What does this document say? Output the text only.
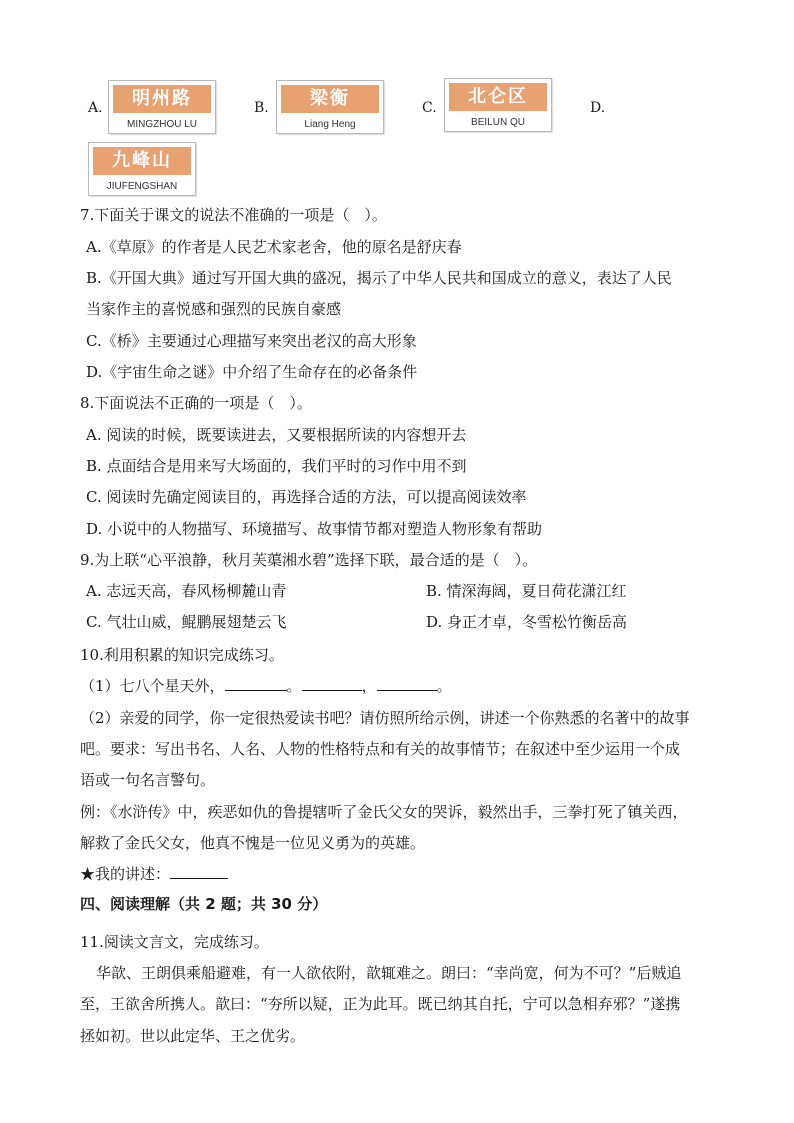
A.	明州路
MINGZHOU LU
B.	梁衡
Liang Heng
C.
北仑区
BEILUN QU
D.
九峰山
JIUFENGSHAN
7.下面关于课文的说法不准确的一项是（　）。
A.《草原》的作者是人民艺术家老舍，他的原名是舒庆春
B.《开国大典》通过写开国大典的盛况，揭示了中华人民共和国成立的意义，表达了人民
当家作主的喜悦感和强烈的民族自豪感
C.《桥》主要通过心理描写来突出老汉的高大形象
D.《宇宙生命之谜》中介绍了生命存在的必备条件
8.下面说法不正确的一项是（　）。
A. 阅读的时候，既要读进去，又要根据所读的内容想开去
B. 点面结合是用来写大场面的，我们平时的习作中用不到
C. 阅读时先确定阅读目的，再选择合适的方法，可以提高阅读效率
D. 小说中的人物描写、环境描写、故事情节都对塑造人物形象有帮助
9.为上联“心平浪静，秋月芙蕖湘水碧”选择下联，最合适的是（　）。
A. 志远天高，春风杨柳麓山青	B. 情深海阔，夏日荷花潇江红
C. 气壮山威，鲲鹏展翅楚云飞	D. 身正才卓，冬雪松竹衡岳高
10.利用积累的知识完成练习。
（1）七八个星天外，	。	，	。
（2）亲爱的同学，你一定很热爱读书吧？请仿照所给示例，讲述一个你熟悉的名著中的故事
吧。要求：写出书名、人名、人物的性格特点和有关的故事情节；在叙述中至少运用一个成
语或一句名言警句。
例：《水浒传》中，疾恶如仇的鲁提辖听了金氏父女的哭诉，毅然出手，三拳打死了镇关西，
解救了金氏父女，他真不愧是一位见义勇为的英雄。
★我的讲述：
四、阅读理解（共 2 题；共 30 分）
11.阅读文言文，完成练习。
华歆、王朗俱乘船避难，有一人欲依附，歆辄难之。朗曰：“幸尚宽，何为不可？”后贼追
至，王欲舍所携人。歆曰：“夯所以疑，正为此耳。既已纳其自托，宁可以急相弃邪？”遂携
拯如初。世以此定华、王之优劣。
